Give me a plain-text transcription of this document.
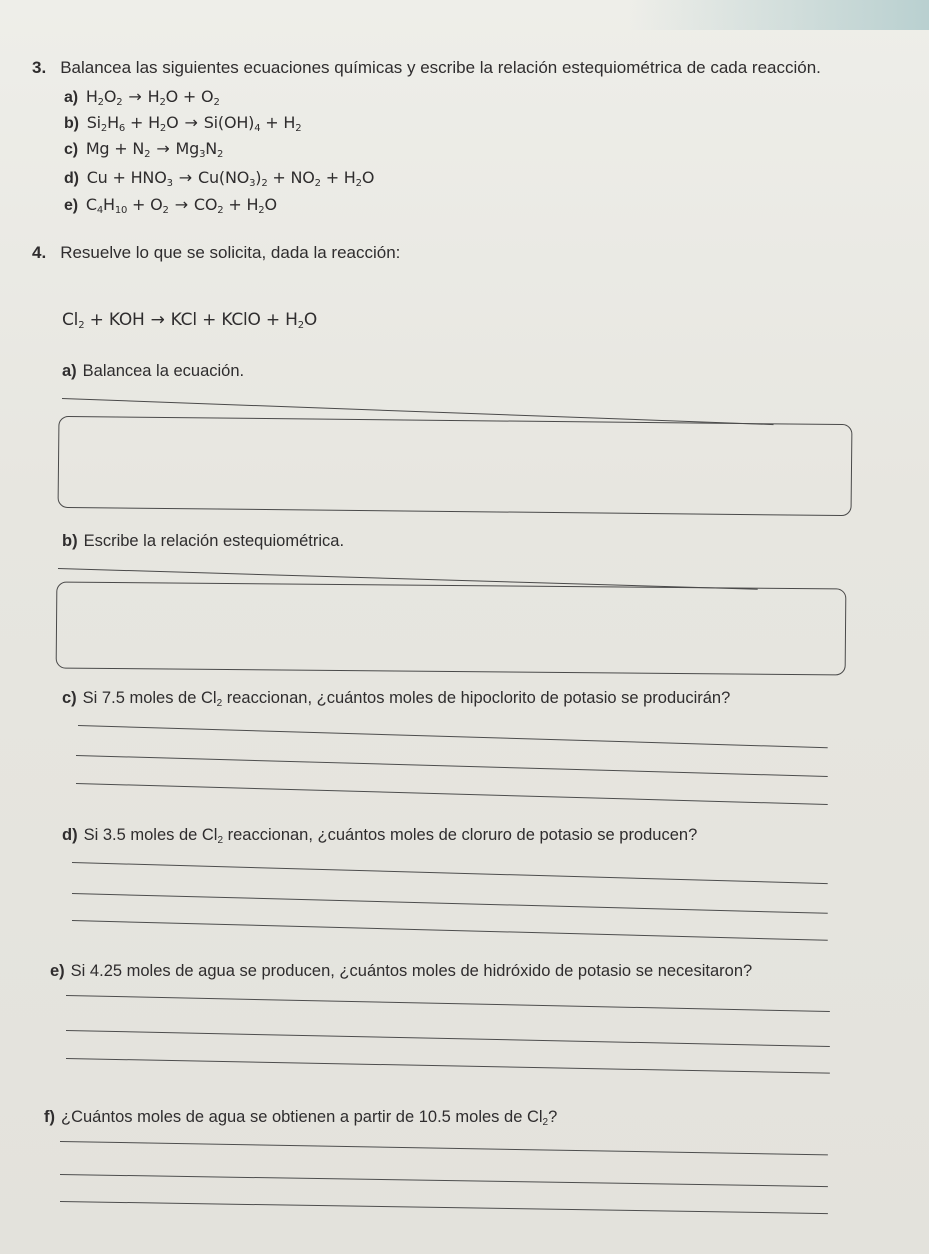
3. Balancea las siguientes ecuaciones químicas y escribe la relación estequiométrica de cada reacción.
a) $H_2O_2 \to H_2O + O_2$
b) $Si_2H_6 + H_2O \to Si(OH)_4 + H_2$
c) $Mg + N_2 \to Mg_3N_2$
d) $Cu + HNO_3 \to Cu(NO_3)_2 + NO_2 + H_2O$
e) $C_4H_{10} + O_2 \to CO_2 + H_2O$
4. Resuelve lo que se solicita, dada la reacción:
$Cl_2$ + KOH → KCl + KClO + $H_2O$
a) Balancea la ecuación.
b) Escribe la relación estequiométrica.
c) Si 7.5 moles de $Cl_2$ reaccionan, ¿cuántos moles de hipoclorito de potasio se producirán?
d) Si 3.5 moles de $Cl_2$ reaccionan, ¿cuántos moles de cloruro de potasio se producen?
e) Si 4.25 moles de agua se producen, ¿cuántos moles de hidróxido de potasio se necesitaron?
f) ¿Cuántos moles de agua se obtienen a partir de 10.5 moles de $Cl_2$?
